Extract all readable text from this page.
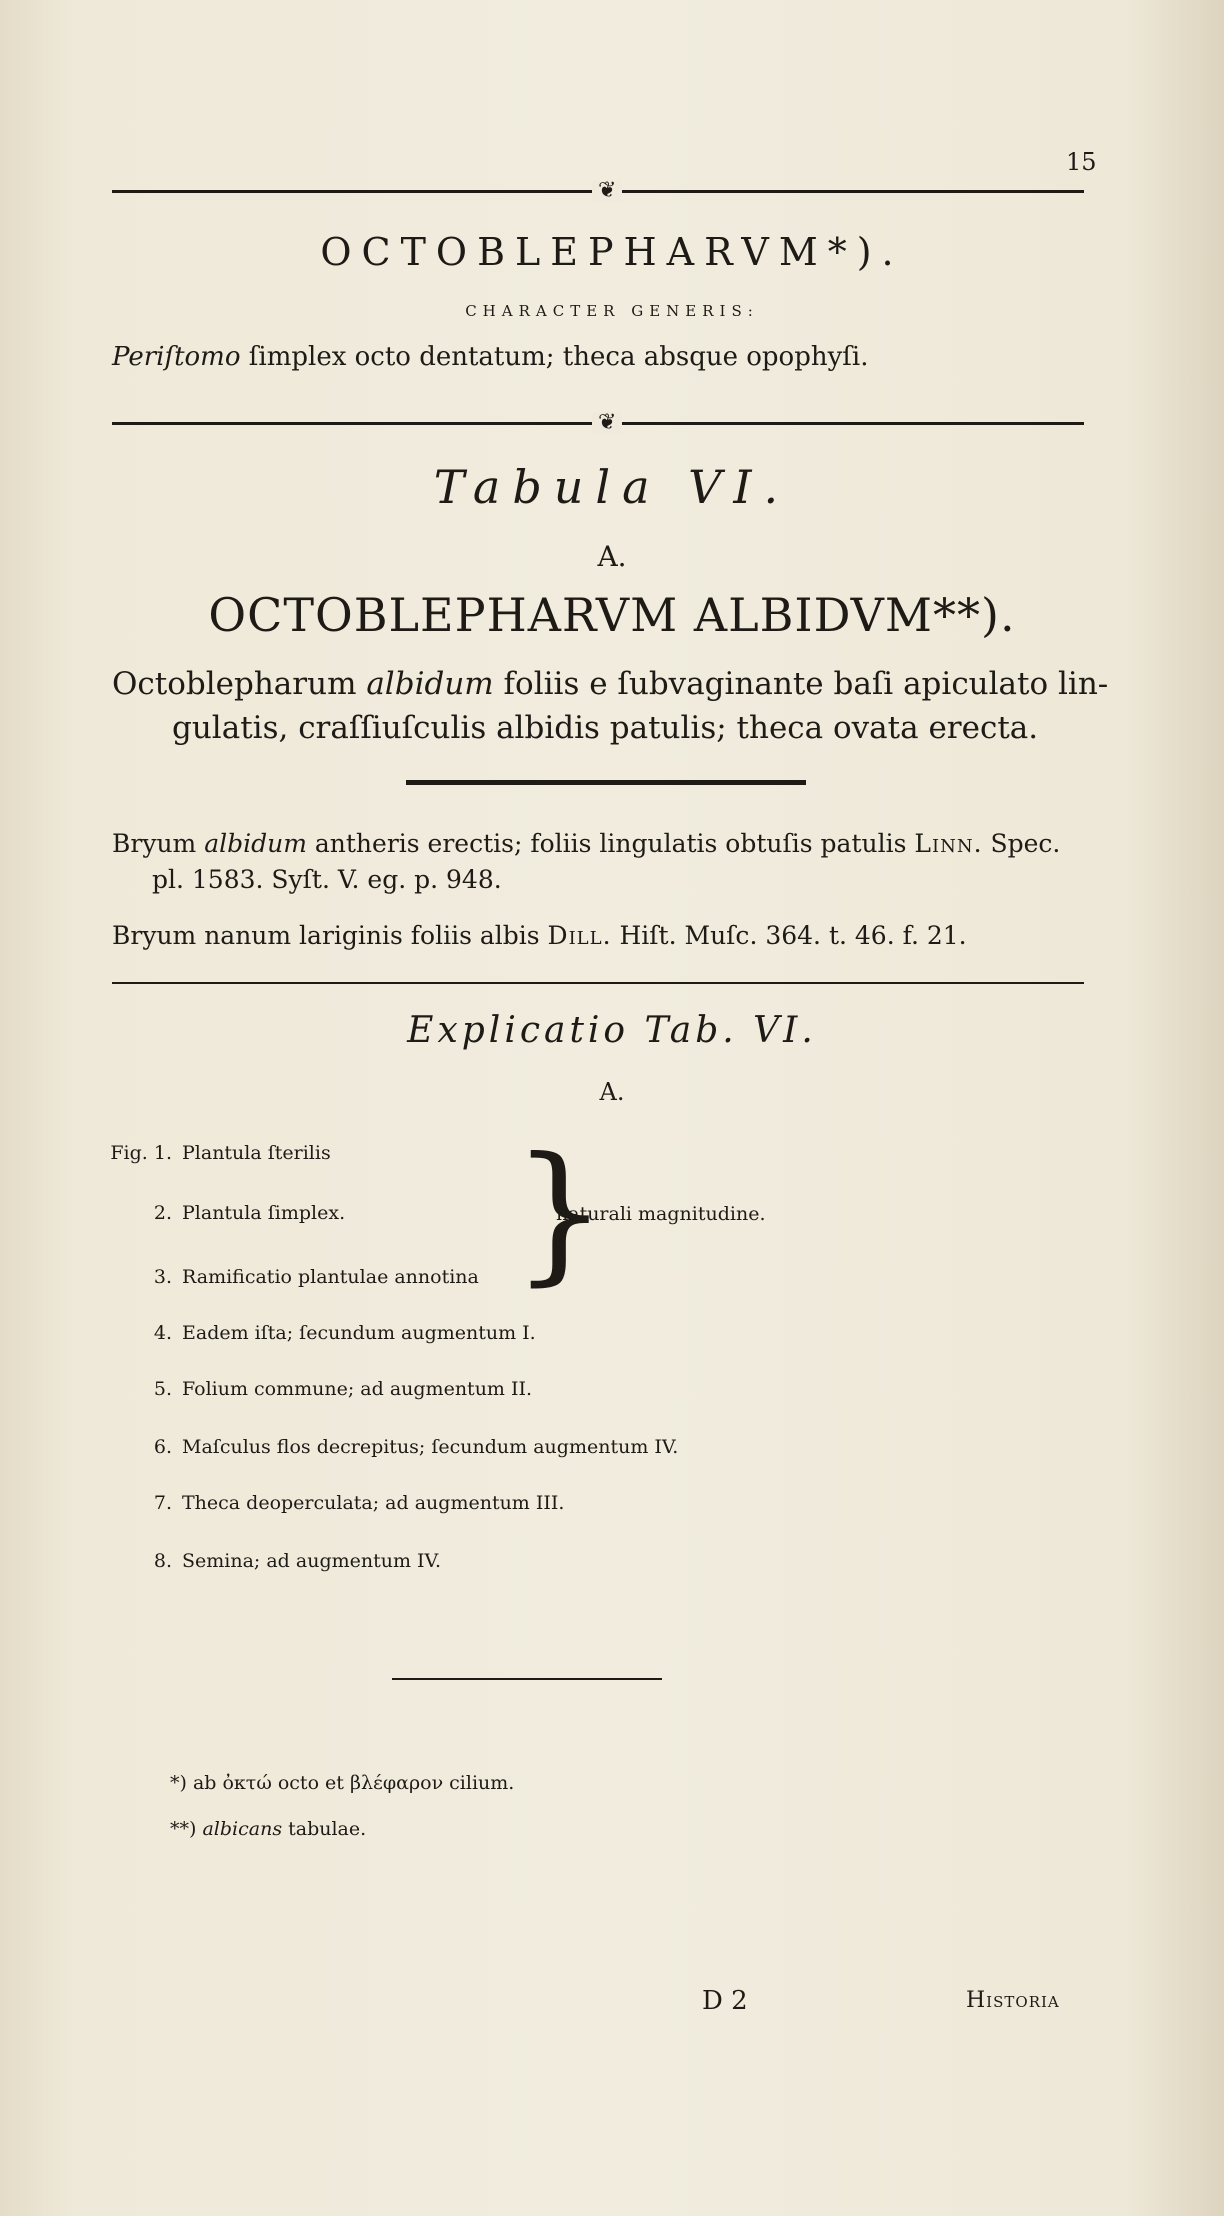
15
❦
OCTOBLEPHARVM*).
CHARACTER GENERIS:
Periſtomo ſimplex octo dentatum; theca absque opophyſi.
❦
Tabula VI.
A.
OCTOBLEPHARVM ALBIDVM**).
Octoblepharum albidum foliis e ſubvaginante baſi apiculato lin-
gulatis, craſſiuſculis albidis patulis; theca ovata erecta.
Bryum albidum antheris erectis; foliis lingulatis obtuſis patulis Linn. Spec.
pl. 1583. Syſt. V. eg. p. 948.
Bryum nanum lariginis foliis albis Dill. Hiſt. Muſc. 364. t. 46. f. 21.
Explicatio Tab. VI.
A.
Fig. 1. Plantula ſterilis
2. Plantula ſimplex.
3. Ramificatio plantulae annotina }
naturali magnitudine.
4. Eadem iſta; ſecundum augmentum I.
5. Folium commune; ad augmentum II.
6. Maſculus flos decrepitus; ſecundum augmentum IV.
7. Theca deoperculata; ad augmentum III.
8. Semina; ad augmentum IV.
*) ab ὀκτώ octo et βλέφαρον cilium.
**) albicans tabulae.
D 2	Historia
